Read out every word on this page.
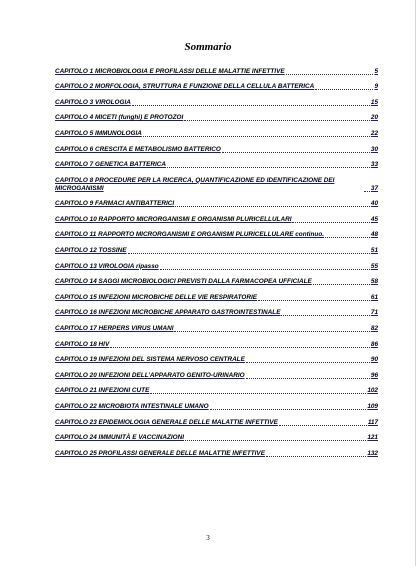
Sommario
CAPITOLO 1 MICROBIOLOGIA E PROFILASSI DELLE MALATTIE INFETTIVE	5
CAPITOLO 2 MORFOLOGIA, STRUTTURA E FUNZIONE DELLA CELLULA BATTERICA	9
CAPITOLO 3 VIROLOGIA	15
CAPITOLO 4 MICETI (funghi) E PROTOZOI	20
CAPITOLO 5 IMMUNOLOGIA	22
CAPITOLO 6 CRESCITA E METABOLISMO BATTERICO	30
CAPITOLO 7 GENETICA BATTERICA	33
CAPITOLO 8 PROCEDURE PER LA RICERCA, QUANTIFICAZIONE ED IDENTIFICAZIONE DEI MICROGANISMI	37
CAPITOLO 9 FARMACI ANTIBATTERICI	40
CAPITOLO 10 RAPPORTO MICRORGANISMI E ORGANISMI PLURICELLULARI	45
CAPITOLO 11 RAPPORTO MICRORGANISMI E ORGANISMI PLURICELLULARE continuo.	48
CAPITOLO 12 TOSSINE	51
CAPITOLO 13 VIROLOGIA ripasso	55
CAPITOLO 14 SAGGI MICROBIOLOGICI PREVISTI DALLA FARMACOPEA UFFICIALE	58
CAPITOLO 15 INFEZIONI MICROBICHE DELLE VIE RESPIRATORIE	61
CAPITOLO 16 INFEZIONI MICROBICHE APPARATO GASTROINTESTINALE	71
CAPITOLO 17 HERPERS VIRUS UMANI	82
CAPITOLO 18 HIV	86
CAPITOLO 19 INFEZIONI DEL SISTEMA NERVOSO CENTRALE	90
CAPITOLO 20 INFEZIONI DELL’APPARATO GENITO-URINARIO	96
CAPITOLO 21 INFEZIONI CUTE	102
CAPITOLO 22 MICROBIOTA INTESTINALE UMANO	109
CAPITOLO 23 EPIDEMIOLOGIA GENERALE DELLE MALATTIE INFETTIVE	117
CAPITOLO 24 IMMUNITÀ E VACCINAZIONI	121
CAPITOLO 25 PROFILASSI GENERALE DELLE MALATTIE INFETTIVE	132
3
